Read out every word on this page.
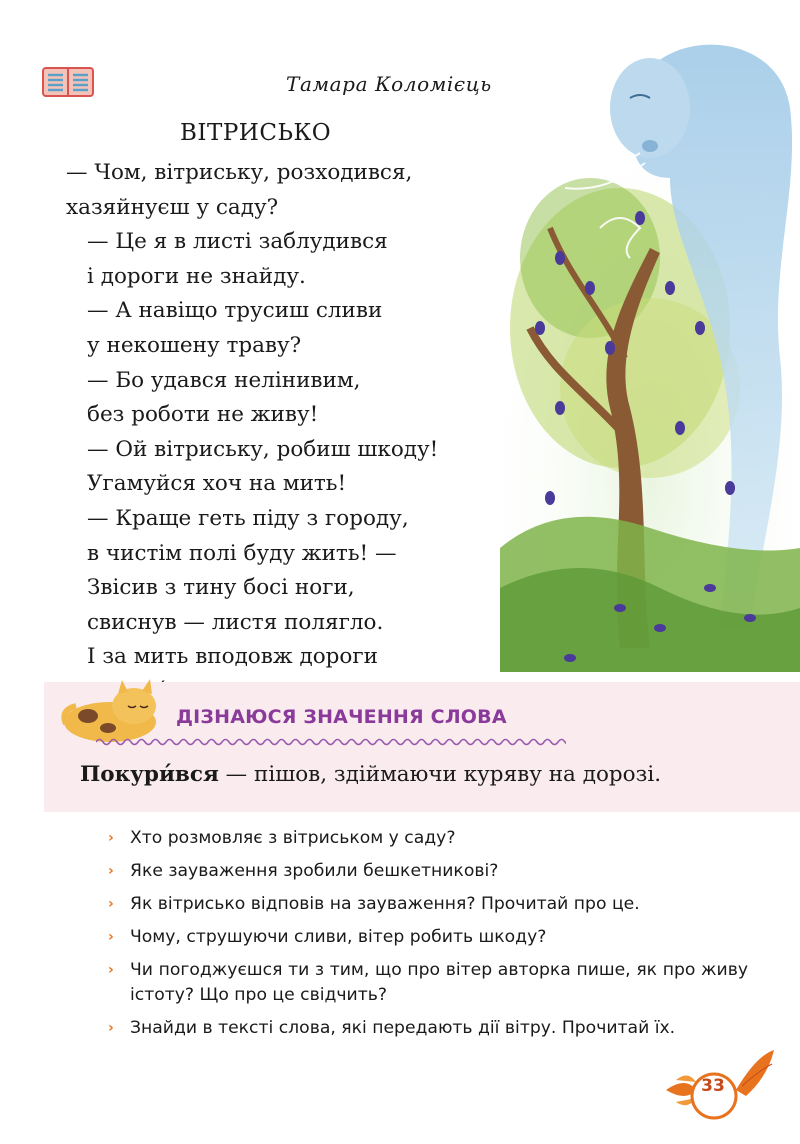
Тамара Коломієць
ВІТРИСЬКО
— Чом, вітриську, розходився,
хазяйнуєш у саду?
— Це я в листі заблудився
і дороги не знайду.
— А навіщо трусиш сливи
у некошену траву?
— Бо удався нелінивим,
без роботи не живу!
— Ой вітриську, робиш шкоду!
Угамуйся хоч на мить!
— Краще геть піду з городу,
в чистім полі буду жить! —
Звісив з тину босі ноги,
свиснув — листя полягло.
І за мить вподовж дороги
ДІЗНАЮСЯ ЗНАЧЕННЯ СЛОВА
Покури́вся — пішов, здіймаючи куряву на дорозі.
› Хто розмовляє з вітриськом у саду?
› Яке зауваження зробили бешкетникові?
› Як вітрисько відповів на зауваження? Прочитай про це.
› Чому, струшуючи сливи, вітер робить шкоду?
› Чи погоджуєшся ти з тим, що про вітер авторка пише, як про живу істоту? Що про це свідчить?
› Знайди в тексті слова, які передають дії вітру. Прочитай їх.
33
